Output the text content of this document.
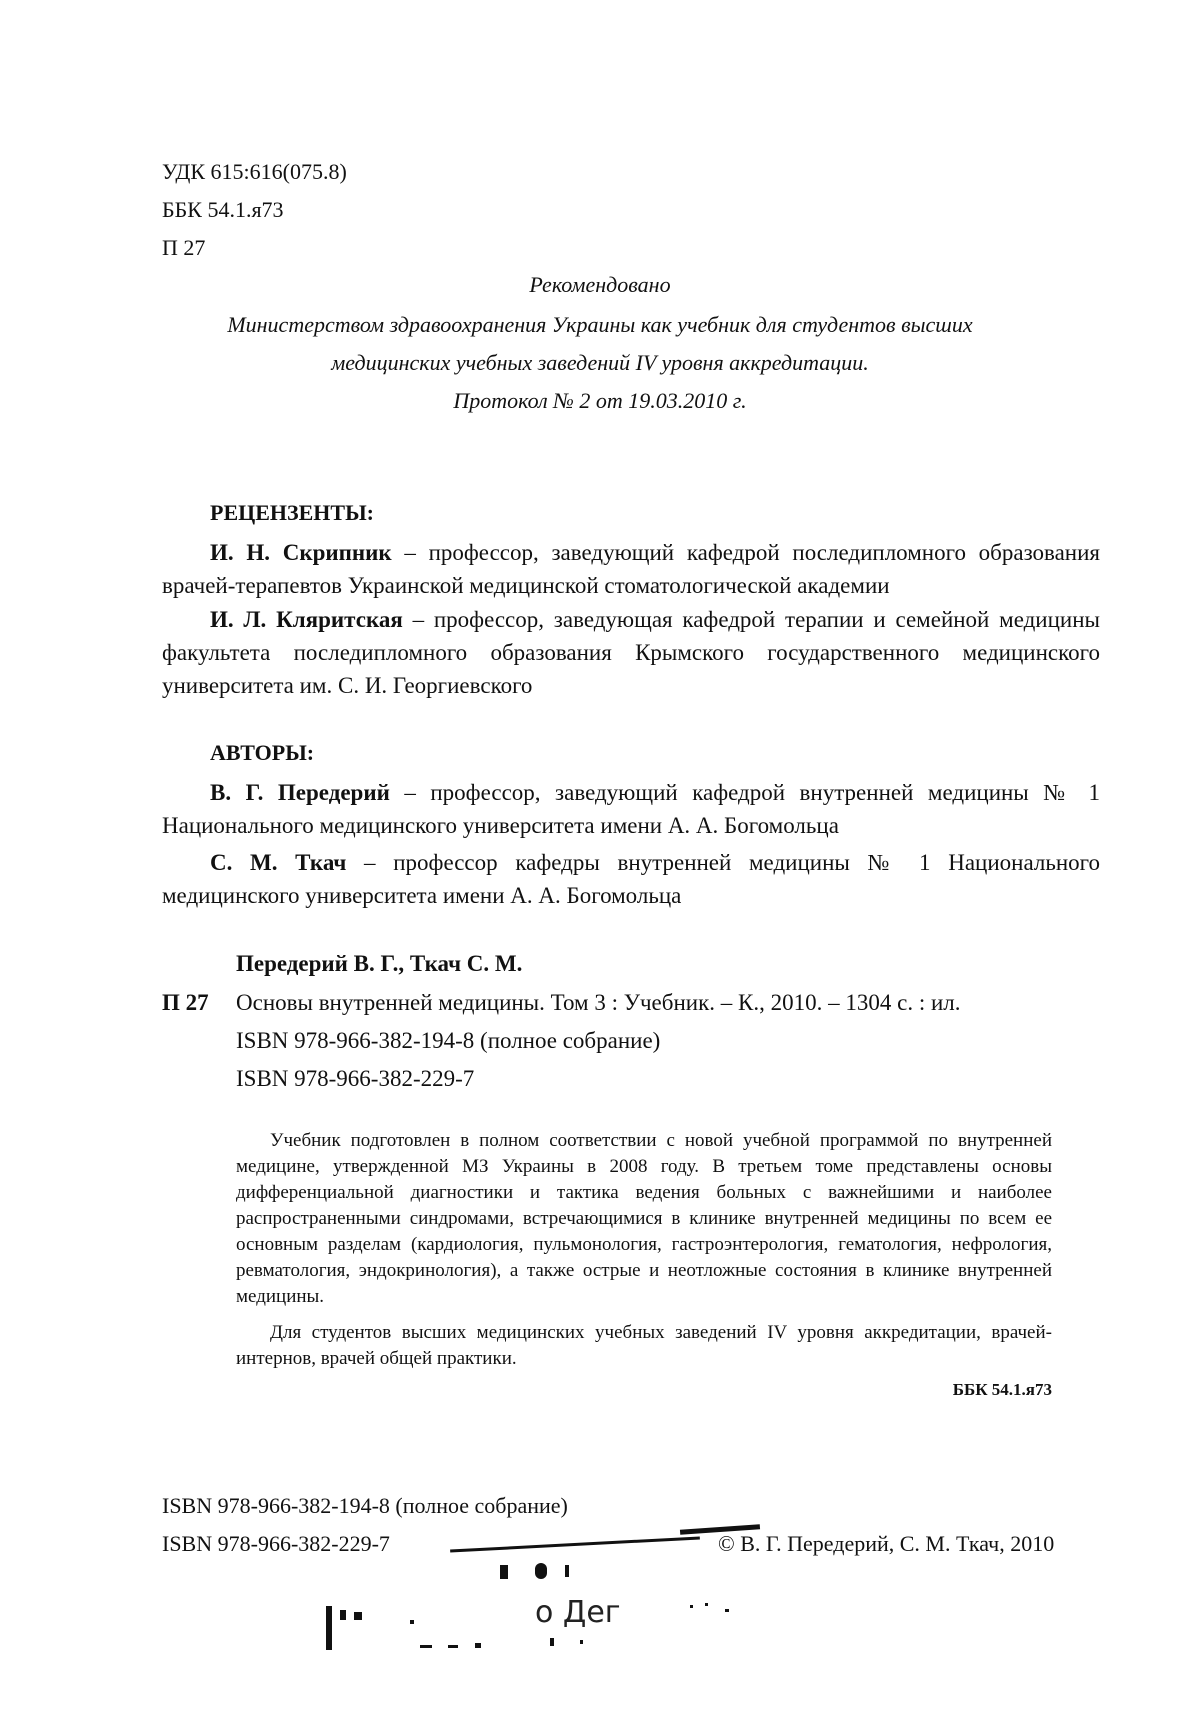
УДК 615:616(075.8)
ББК 54.1.я73
П 27
Рекомендовано
Министерством здравоохранения Украины как учебник для студентов высших
медицинских учебных заведений IV уровня аккредитации.
Протокол № 2 от 19.03.2010 г.
РЕЦЕНЗЕНТЫ:
И. Н. Скрипник – профессор, заведующий кафедрой последипломного образования врачей-терапевтов Украинской медицинской стоматологической академии
И. Л. Кляритская – профессор, заведующая кафедрой терапии и семейной медицины факультета последипломного образования Крымского государственного медицинского университета им. С. И. Георгиевского
АВТОРЫ:
В. Г. Передерий – профессор, заведующий кафедрой внутренней медицины № 1 Национального медицинского университета имени А. А. Богомольца
С. М. Ткач – профессор кафедры внутренней медицины № 1 Национального медицинского университета имени А. А. Богомольца
Передерий В. Г., Ткач С. М.
П 27 Основы внутренней медицины. Том 3 : Учебник. – К., 2010. – 1304 с. : ил.
ISBN 978-966-382-194-8 (полное собрание)
ISBN 978-966-382-229-7
Учебник подготовлен в полном соответствии с новой учебной программой по внутренней медицине, утвержденной МЗ Украины в 2008 году. В третьем томе представлены основы дифференциальной диагностики и тактика ведения больных с важнейшими и наиболее распространенными синдромами, встречающимися в клинике внутренней медицины по всем ее основным разделам (кардиология, пульмонология, гастроэнтерология, гематология, нефрология, ревматология, эндокринология), а также острые и неотложные состояния в клинике внутренней медицины.
Для студентов высших медицинских учебных заведений IV уровня аккредитации, врачей-интернов, врачей общей практики.
ББК 54.1.я73
ISBN 978-966-382-194-8 (полное собрание)
ISBN 978-966-382-229-7	© В. Г. Передерий, С. М. Ткач, 2010
о Дег
